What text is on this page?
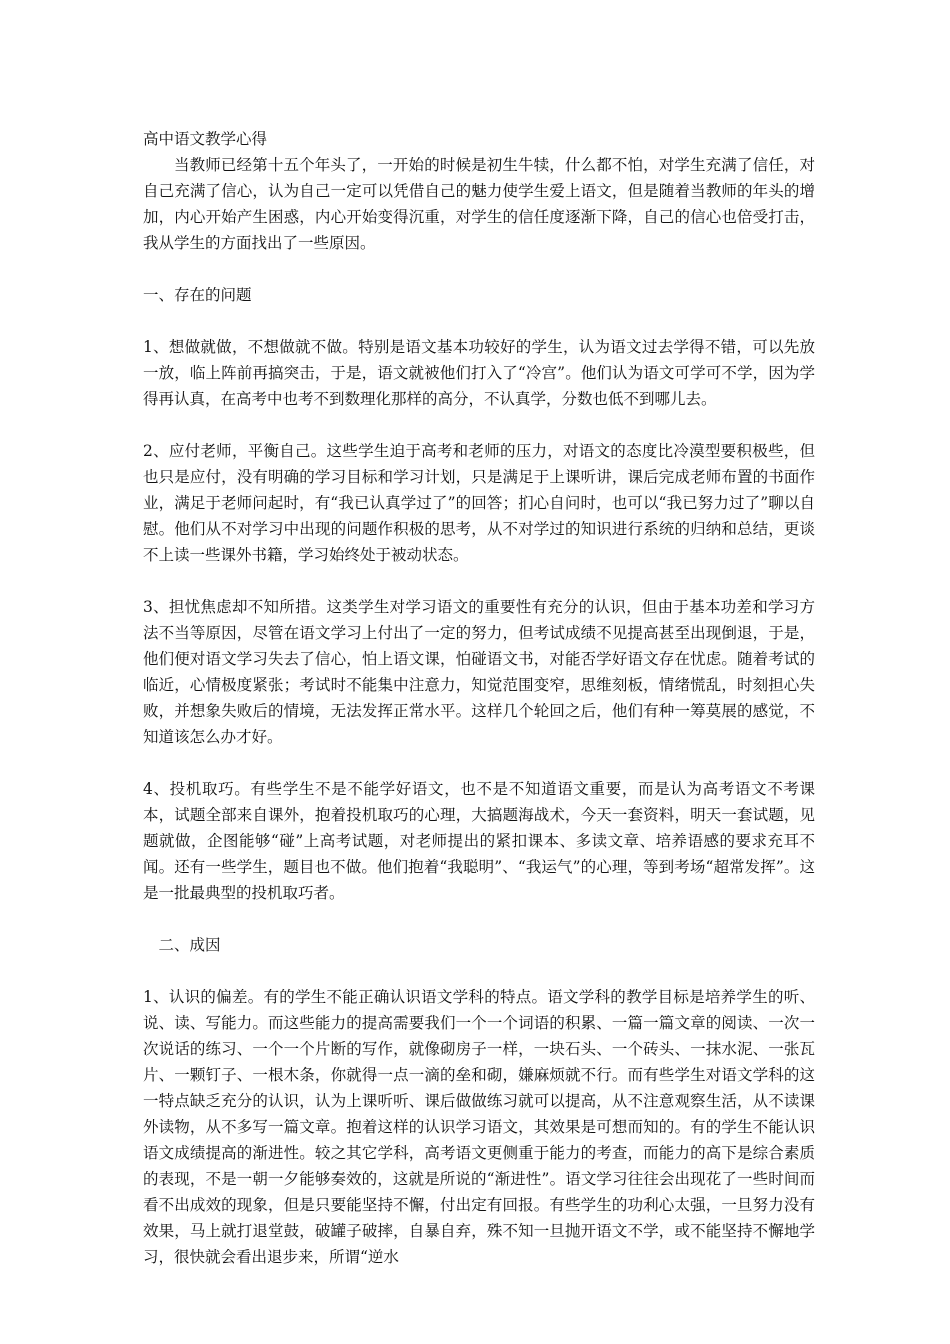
高中语文教学心得

当教师已经第十五个年头了，一开始的时候是初生牛犊，什么都不怕，对学生充满了信任，对自己充满了信心，认为自己一定可以凭借自己的魅力使学生爱上语文，但是随着当教师的年头的增加，内心开始产生困惑，内心开始变得沉重，对学生的信任度逐渐下降，自己的信心也倍受打击，我从学生的方面找出了一些原因。

一、存在的问题

1、想做就做，不想做就不做。特别是语文基本功较好的学生，认为语文过去学得不错，可以先放一放，临上阵前再搞突击，于是，语文就被他们打入了“冷宫”。他们认为语文可学可不学，因为学得再认真，在高考中也考不到数理化那样的高分，不认真学，分数也低不到哪儿去。

2、应付老师，平衡自己。这些学生迫于高考和老师的压力，对语文的态度比冷漠型要积极些，但也只是应付，没有明确的学习目标和学习计划，只是满足于上课听讲，课后完成老师布置的书面作业，满足于老师问起时，有“我已认真学过了”的回答；扪心自问时，也可以“我已努力过了”聊以自慰。他们从不对学习中出现的问题作积极的思考，从不对学过的知识进行系统的归纳和总结，更谈不上读一些课外书籍，学习始终处于被动状态。

3、担忧焦虑却不知所措。这类学生对学习语文的重要性有充分的认识，但由于基本功差和学习方法不当等原因，尽管在语文学习上付出了一定的努力，但考试成绩不见提高甚至出现倒退，于是，他们便对语文学习失去了信心，怕上语文课，怕碰语文书，对能否学好语文存在忧虑。随着考试的临近，心情极度紧张；考试时不能集中注意力，知觉范围变窄，思维刻板，情绪慌乱，时刻担心失败，并想象失败后的情境，无法发挥正常水平。这样几个轮回之后，他们有种一筹莫展的感觉，不知道该怎么办才好。

4、投机取巧。有些学生不是不能学好语文，也不是不知道语文重要，而是认为高考语文不考课本，试题全部来自课外，抱着投机取巧的心理，大搞题海战术，今天一套资料，明天一套试题，见题就做，企图能够“碰”上高考试题，对老师提出的紧扣课本、多读文章、培养语感的要求充耳不闻。还有一些学生，题目也不做。他们抱着“我聪明”、“我运气”的心理，等到考场“超常发挥”。这是一批最典型的投机取巧者。

二、成因

1、认识的偏差。有的学生不能正确认识语文学科的特点。语文学科的教学目标是培养学生的听、说、读、写能力。而这些能力的提高需要我们一个一个词语的积累、一篇一篇文章的阅读、一次一次说话的练习、一个一个片断的写作，就像砌房子一样，一块石头、一个砖头、一抹水泥、一张瓦片、一颗钉子、一根木条，你就得一点一滴的垒和砌，嫌麻烦就不行。而有些学生对语文学科的这一特点缺乏充分的认识，认为上课听听、课后做做练习就可以提高，从不注意观察生活，从不读课外读物，从不多写一篇文章。抱着这样的认识学习语文，其效果是可想而知的。有的学生不能认识语文成绩提高的渐进性。较之其它学科，高考语文更侧重于能力的考查，而能力的高下是综合素质的表现，不是一朝一夕能够奏效的，这就是所说的“渐进性”。语文学习往往会出现花了一些时间而看不出成效的现象，但是只要能坚持不懈，付出定有回报。有些学生的功利心太强，一旦努力没有效果，马上就打退堂鼓，破罐子破摔，自暴自弃，殊不知一旦抛开语文不学，或不能坚持不懈地学习，很快就会看出退步来，所谓“逆水
